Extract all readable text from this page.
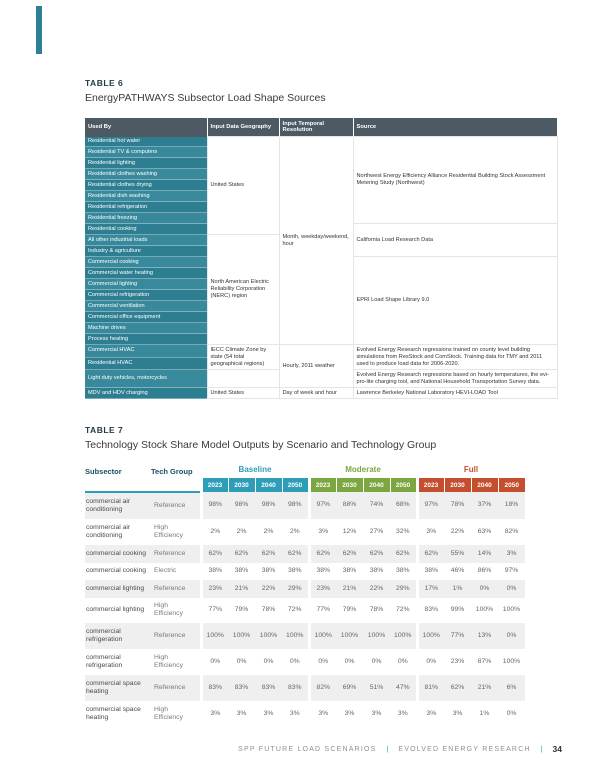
TABLE 6
EnergyPATHWAYS Subsector Load Shape Sources
Used By	Input Data Geography	Input Temporal Resolution	Source
Residential hot water	United States	Month, weekday/weekend, hour	Northwest Energy Efficiency Alliance Residential Building Stock Assessment Metering Study (Northwest)
Residential TV & computers			
Residential lighting			
Residential clothes washing			
Residential clothes drying			
Residential dish washing			
Residential refrigeration			
Residential freezing			
Residential cooking			California Load Research Data
All other industrial loads	North American Electric Reliability Corporation (NERC) region		
Industry & agriculture			
Commercial cooking			EPRI Load Shape Library 9.0
Commercial water heating			
Commercial lighting			
Commercial refrigeration			
Commercial ventilation			
Commercial office equipment			
Machine drives			
Process heating			
Commercial HVAC	IECC Climate Zone by state (54 total geographical regions)	Hourly, 2011 weather	Evolved Energy Research regressions trained on county level building simulations from ResStock and ComStock. Training data for TMY and 2011 used to produce load data for 2006-2020.
Residential HVAC			
Light duty vehicles, motorcycles			Evolved Energy Research regressions based on hourly temperatures, the evi-pro-lite charging tool, and National Household Transportation Survey data.
MDV and HDV charging	United States	Day of week and hour	Lawrence Berkeley National Laboratory HEVI-LOAD Tool
TABLE 7
Technology Stock Share Model Outputs by Scenario and Technology Group
Subsector	Tech Group	Baseline				Moderate				Full			
		2023	2030	2040	2050	2023	2030	2040	2050	2023	2030	2040	2050
commercial air conditioning	Reference	98%	98%	98%	98%	97%	88%	74%	68%	97%	78%	37%	18%
commercial air conditioning	High Efficiency	2%	2%	2%	2%	3%	12%	27%	32%	3%	22%	63%	82%
commercial cooking	Reference	62%	62%	62%	62%	62%	62%	62%	62%	62%	55%	14%	3%
commercial cooking	Electric	38%	38%	38%	38%	38%	38%	38%	38%	38%	46%	86%	97%
commercial lighting	Reference	23%	21%	22%	29%	23%	21%	22%	29%	17%	1%	0%	0%
commercial lighting	High Efficiency	77%	79%	78%	72%	77%	79%	78%	72%	83%	99%	100%	100%
commercial refrigeration	Reference	100%	100%	100%	100%	100%	100%	100%	100%	100%	77%	13%	0%
commercial refrigeration	High Efficiency	0%	0%	0%	0%	0%	0%	0%	0%	0%	23%	87%	100%
commercial space heating	Reference	83%	83%	83%	83%	82%	69%	51%	47%	81%	62%	21%	6%
commercial space heating	High Efficiency	3%	3%	3%	3%	3%	3%	3%	3%	3%	3%	1%	0%
SPP FUTURE LOAD SCENARIOS | EVOLVED ENERGY RESEARCH | 34
